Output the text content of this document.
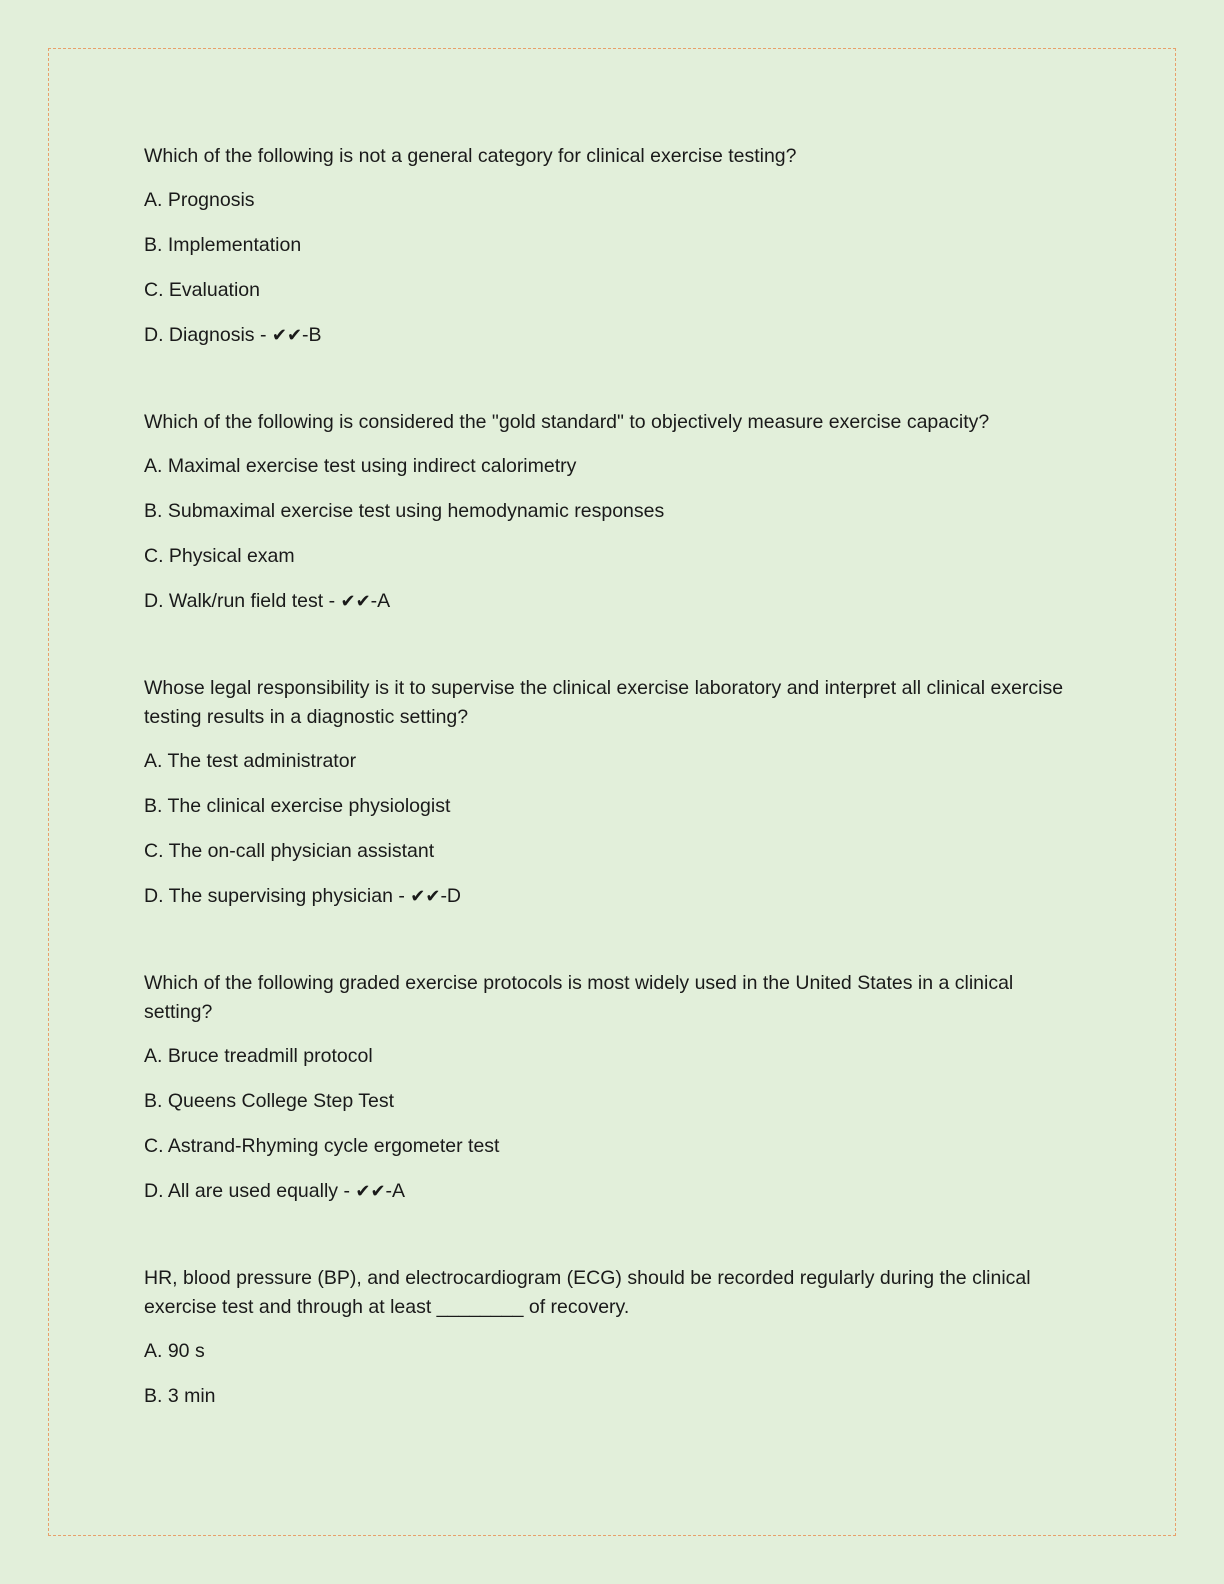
Which of the following is not a general category for clinical exercise testing?

A. Prognosis

B. Implementation

C. Evaluation

D. Diagnosis - ✔✔-B

Which of the following is considered the "gold standard" to objectively measure exercise capacity?

A. Maximal exercise test using indirect calorimetry

B. Submaximal exercise test using hemodynamic responses

C. Physical exam

D. Walk/run field test - ✔✔-A

Whose legal responsibility is it to supervise the clinical exercise laboratory and interpret all clinical exercise testing results in a diagnostic setting?

A. The test administrator

B. The clinical exercise physiologist

C. The on-call physician assistant

D. The supervising physician - ✔✔-D

Which of the following graded exercise protocols is most widely used in the United States in a clinical setting?

A. Bruce treadmill protocol

B. Queens College Step Test

C. Astrand-Rhyming cycle ergometer test

D. All are used equally - ✔✔-A

HR, blood pressure (BP), and electrocardiogram (ECG) should be recorded regularly during the clinical exercise test and through at least ________ of recovery.

A. 90 s

B. 3 min
